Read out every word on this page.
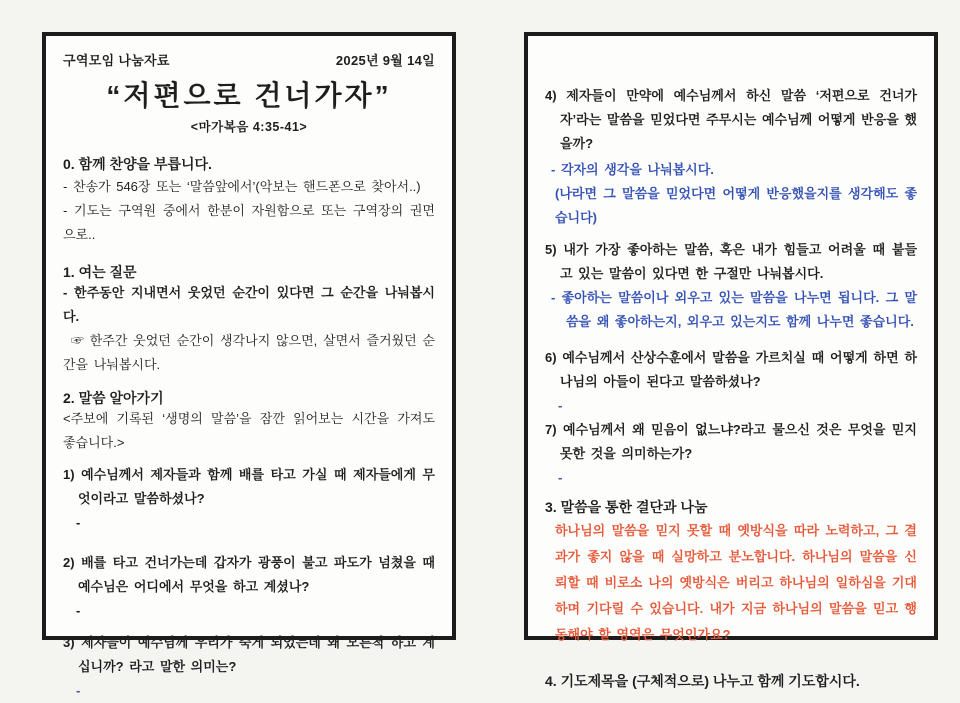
구역모임 나눔자료	2025년 9월 14일
“저편으로 건너가자”
<마가복음 4:35-41>
0. 함께 찬양을 부릅니다.

- 찬송가 546장 또는 ‘말씀앞에서’(악보는 핸드폰으로 찾아서..)

- 기도는 구역원 중에서 한분이 자원함으로 또는 구역장의 권면으로..

1. 여는 질문

- 한주동안 지내면서 웃었던 순간이 있다면 그 순간을 나눠봅시다.

☞ 한주간 웃었던 순간이 생각나지 않으면, 살면서 즐거웠던 순간을 나눠봅시다.

2. 말씀 알아가기

<주보에 기록된 ‘생명의 말씀’을 잠깐 읽어보는 시간을 가져도 좋습니다.>

1) 예수님께서 제자들과 함께 배를 타고 가실 때 제자들에게 무엇이라고 말씀하셨나?

-

2) 배를 타고 건너가는데 갑자가 광풍이 불고 파도가 넘쳤을 때 예수님은 어디에서 무엇을 하고 계셨나?

-

3) 제자들이 예수님께 우리가 죽게 되었는데 왜 모른척 하고 계십니까? 라고 말한 의미는?

-

4) 제자들이 만약에 예수님께서 하신 말씀 ‘저편으로 건너가자’라는 말씀을 믿었다면 주무시는 예수님께 어떻게 반응을 했을까?

- 각자의 생각을 나눠봅시다.

(나라면 그 말씀을 믿었다면 어떻게 반응했을지를 생각해도 좋습니다)

5) 내가 가장 좋아하는 말씀, 혹은 내가 힘들고 어려울 때 붙들고 있는 말씀이 있다면 한 구절만 나눠봅시다.

- 좋아하는 말씀이나 외우고 있는 말씀을 나누면 됩니다. 그 말씀을 왜 좋아하는지, 외우고 있는지도 함께 나누면 좋습니다.

6) 예수님께서 산상수훈에서 말씀을 가르치실 때 어떻게 하면 하나님의 아들이 된다고 말씀하셨나?

-

7) 예수님께서 왜 믿음이 없느냐?라고 물으신 것은 무엇을 믿지 못한 것을 의미하는가?

-

3. 말씀을 통한 결단과 나눔

하나님의 말씀을 믿지 못할 때 옛방식을 따라 노력하고, 그 결과가 좋지 않을 때 실망하고 분노합니다. 하나님의 말씀을 신뢰할 때 비로소 나의 옛방식은 버리고 하나님의 일하심을 기대하며 기다릴 수 있습니다. 내가 지금 하나님의 말씀을 믿고 행동해야 할 영역은 무엇인가요?

4. 기도제목을 (구체적으로) 나누고 함께 기도합시다.
